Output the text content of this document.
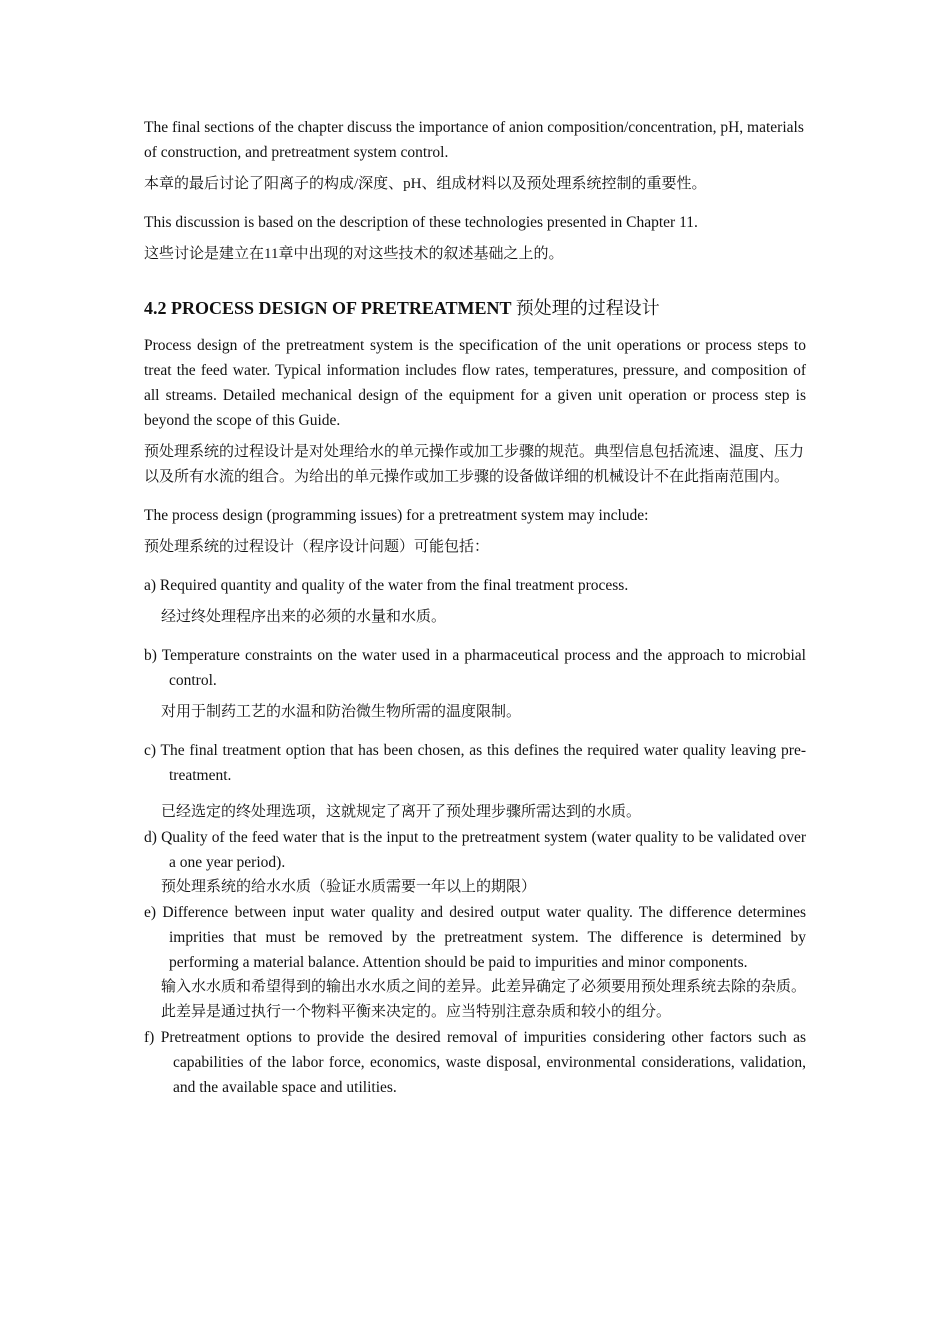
The final sections of the chapter discuss the importance of anion composition/concentration, pH, materials of construction, and pretreatment system control.

本章的最后讨论了阳离子的构成/深度、pH、组成材料以及预处理系统控制的重要性。

This discussion is based on the description of these technologies presented in Chapter 11.

这些讨论是建立在11章中出现的对这些技术的叙述基础之上的。

4.2 PROCESS DESIGN OF PRETREATMENT 预处理的过程设计

Process design of the pretreatment system is the specification of the unit operations or process steps to treat the feed water. Typical information includes flow rates, temperatures, pressure, and composition of all streams. Detailed mechanical design of the equipment for a given unit operation or process step is beyond the scope of this Guide.

预处理系统的过程设计是对处理给水的单元操作或加工步骤的规范。典型信息包括流速、温度、压力以及所有水流的组合。为给出的单元操作或加工步骤的设备做详细的机械设计不在此指南范围内。

The process design (programming issues) for a pretreatment system may include:

预处理系统的过程设计（程序设计问题）可能包括：

a) Required quantity and quality of the water from the final treatment process.

经过终处理程序出来的必须的水量和水质。

b) Temperature constraints on the water used in a pharmaceutical process and the approach to microbial control.

对用于制药工艺的水温和防治微生物所需的温度限制。

c) The final treatment option that has been chosen, as this defines the required water quality leaving pre-treatment.

已经选定的终处理选项，这就规定了离开了预处理步骤所需达到的水质。

d) Quality of the feed water that is the input to the pretreatment system (water quality to be validated over a one year period).

预处理系统的给水水质（验证水质需要一年以上的期限）

e) Difference between input water quality and desired output water quality. The difference determines imprities that must be removed by the pretreatment system. The difference is determined by performing a material balance. Attention should be paid to impurities and minor components.

输入水水质和希望得到的输出水水质之间的差异。此差异确定了必须要用预处理系统去除的杂质。此差异是通过执行一个物料平衡来决定的。应当特别注意杂质和较小的组分。

f) Pretreatment options to provide the desired removal of impurities considering other factors such as capabilities of the labor force, economics, waste disposal, environmental considerations, validation, and the available space and utilities.
